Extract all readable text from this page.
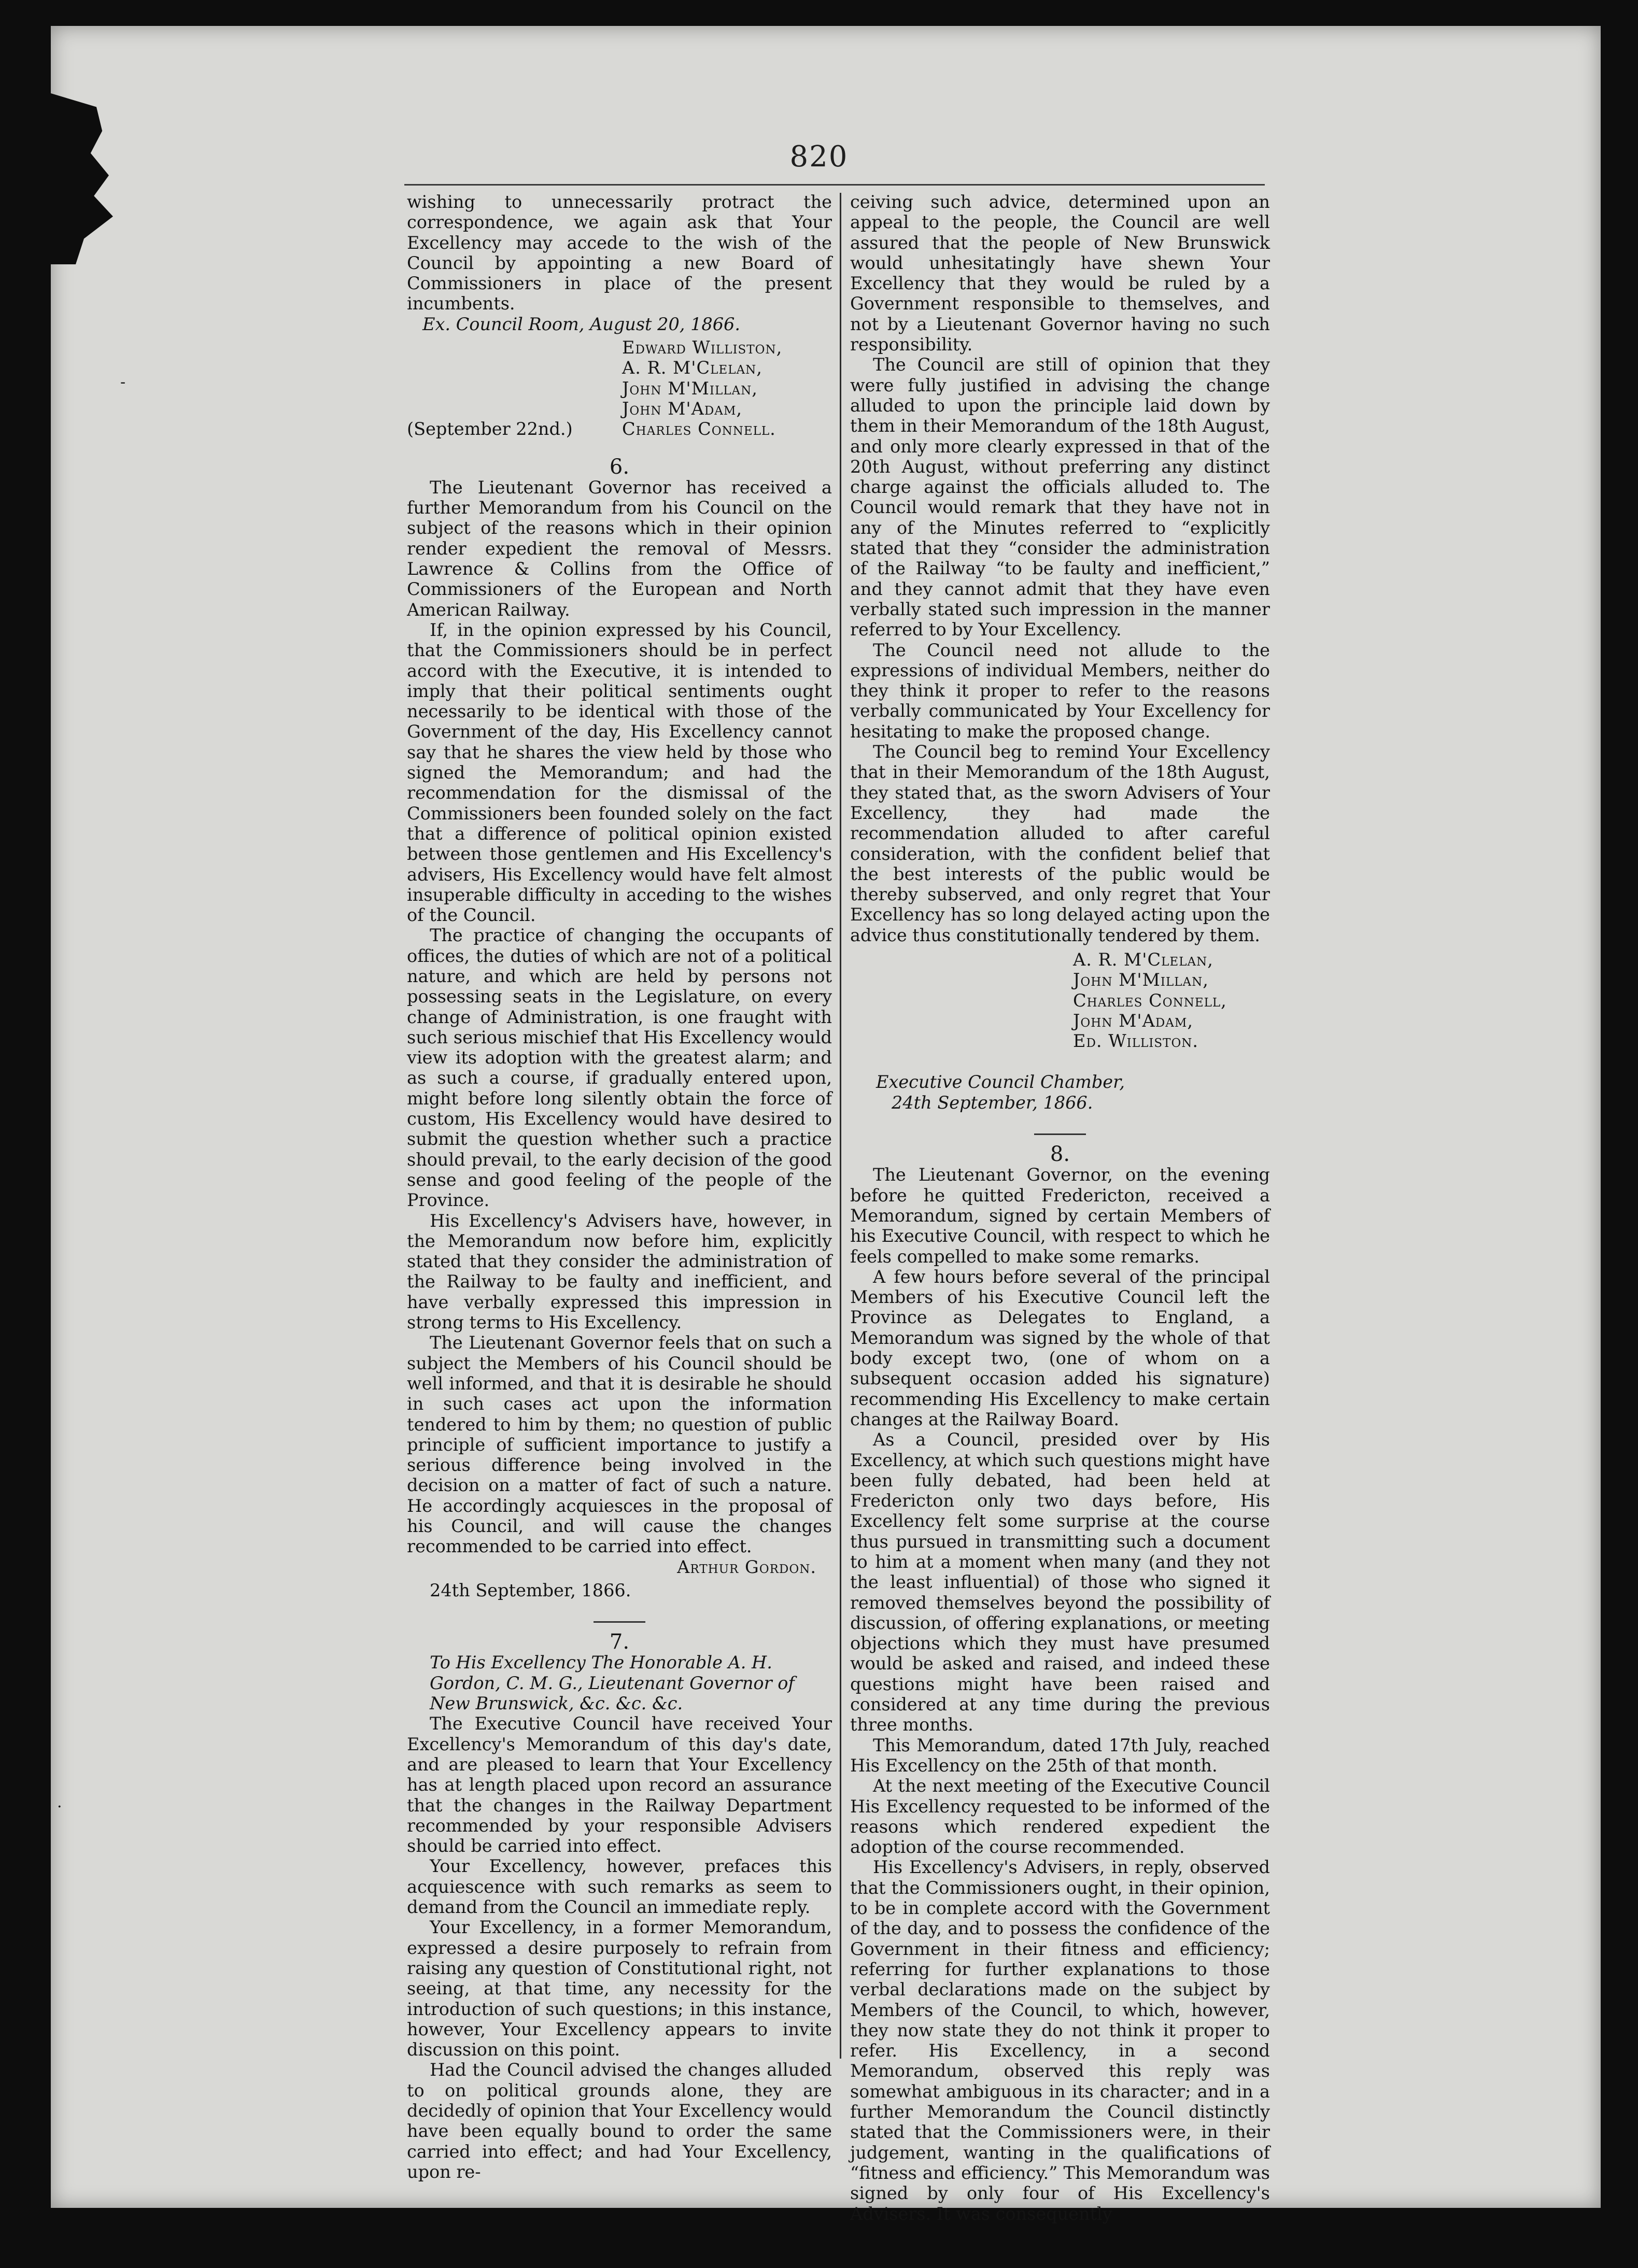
820

wishing to unnecessarily protract the correspondence, we again ask that Your Excellency may accede to the wish of the Council by appointing a new Board of Commissioners in place of the present incumbents.

Ex. Council Room, August 20, 1866.

Edward Williston,

A. R. M'Clelan,

John M'Millan,

John M'Adam,

Charles Connell.

(September 22nd.)

6.

The Lieutenant Governor has received a further Memorandum from his Council on the subject of the reasons which in their opinion render expedient the removal of Messrs. Lawrence & Collins from the Office of Commissioners of the European and North American Railway.

If, in the opinion expressed by his Council, that the Commissioners should be in perfect accord with the Executive, it is intended to imply that their political sentiments ought necessarily to be identical with those of the Government of the day, His Excellency cannot say that he shares the view held by those who signed the Memorandum; and had the recommendation for the dismissal of the Commissioners been founded solely on the fact that a difference of political opinion existed between those gentlemen and His Excellency's advisers, His Excellency would have felt almost insuperable difficulty in acceding to the wishes of the Council.

The practice of changing the occupants of offices, the duties of which are not of a political nature, and which are held by persons not possessing seats in the Legislature, on every change of Administration, is one fraught with such serious mischief that His Excellency would view its adoption with the greatest alarm; and as such a course, if gradually entered upon, might before long silently obtain the force of custom, His Excellency would have desired to submit the question whether such a practice should prevail, to the early decision of the good sense and good feeling of the people of the Province.

His Excellency's Advisers have, however, in the Memorandum now before him, explicitly stated that they consider the administration of the Railway to be faulty and inefficient, and have verbally expressed this impression in strong terms to His Excellency.

The Lieutenant Governor feels that on such a subject the Members of his Council should be well informed, and that it is desirable he should in such cases act upon the information tendered to him by them; no question of public principle of sufficient importance to justify a serious difference being involved in the decision on a matter of fact of such a nature. He accordingly acquiesces in the proposal of his Council, and will cause the changes recommended to be carried into effect.

Arthur Gordon.

24th September, 1866.

7.

To His Excellency The Honorable A. H. Gordon, C. M. G., Lieutenant Governor of New Brunswick, &c. &c. &c.

The Executive Council have received Your Excellency's Memorandum of this day's date, and are pleased to learn that Your Excellency has at length placed upon record an assurance that the changes in the Railway Department recommended by your responsible Advisers should be carried into effect.

Your Excellency, however, prefaces this acquiescence with such remarks as seem to demand from the Council an immediate reply.

Your Excellency, in a former Memorandum, expressed a desire purposely to refrain from raising any question of Constitutional right, not seeing, at that time, any necessity for the introduction of such questions; in this instance, however, Your Excellency appears to invite discussion on this point.

Had the Council advised the changes alluded to on political grounds alone, they are decidedly of opinion that Your Excellency would have been equally bound to order the same carried into effect; and had Your Excellency, upon re-

ceiving such advice, determined upon an appeal to the people, the Council are well assured that the people of New Brunswick would unhesitatingly have shewn Your Excellency that they would be ruled by a Government responsible to themselves, and not by a Lieutenant Governor having no such responsibility.

The Council are still of opinion that they were fully justified in advising the change alluded to upon the principle laid down by them in their Memorandum of the 18th August, and only more clearly expressed in that of the 20th August, without preferring any distinct charge against the officials alluded to. The Council would remark that they have not in any of the Minutes referred to “explicitly stated that they “consider the administration of the Railway “to be faulty and inefficient,” and they cannot admit that they have even verbally stated such impression in the manner referred to by Your Excellency.

The Council need not allude to the expressions of individual Members, neither do they think it proper to refer to the reasons verbally communicated by Your Excellency for hesitating to make the proposed change.

The Council beg to remind Your Excellency that in their Memorandum of the 18th August, they stated that, as the sworn Advisers of Your Excellency, they had made the recommendation alluded to after careful consideration, with the confident belief that the best interests of the public would be thereby subserved, and only regret that Your Excellency has so long delayed acting upon the advice thus constitutionally tendered by them.

A. R. M'Clelan,

John M'Millan,

Charles Connell,

John M'Adam,

Ed. Williston.

Executive Council Chamber,

24th September, 1866.

8.

The Lieutenant Governor, on the evening before he quitted Fredericton, received a Memorandum, signed by certain Members of his Executive Council, with respect to which he feels compelled to make some remarks.

A few hours before several of the principal Members of his Executive Council left the Province as Delegates to England, a Memorandum was signed by the whole of that body except two, (one of whom on a subsequent occasion added his signature) recommending His Excellency to make certain changes at the Railway Board.

As a Council, presided over by His Excellency, at which such questions might have been fully debated, had been held at Fredericton only two days before, His Excellency felt some surprise at the course thus pursued in transmitting such a document to him at a moment when many (and they not the least influential) of those who signed it removed themselves beyond the possibility of discussion, of offering explanations, or meeting objections which they must have presumed would be asked and raised, and indeed these questions might have been raised and considered at any time during the previous three months.

This Memorandum, dated 17th July, reached His Excellency on the 25th of that month.

At the next meeting of the Executive Council His Excellency requested to be informed of the reasons which rendered expedient the adoption of the course recommended.

His Excellency's Advisers, in reply, observed that the Commissioners ought, in their opinion, to be in complete accord with the Government of the day, and to possess the confidence of the Government in their fitness and efficiency; referring for further explanations to those verbal declarations made on the subject by Members of the Council, to which, however, they now state they do not think it proper to refer. His Excellency, in a second Memorandum, observed this reply was somewhat ambiguous in its character; and in a further Memorandum the Council distinctly stated that the Commissioners were, in their judgement, wanting in the qualifications of “fitness and efficiency.” This Memorandum was signed by only four of His Excellency's Advisers. It was consequently

-
.
